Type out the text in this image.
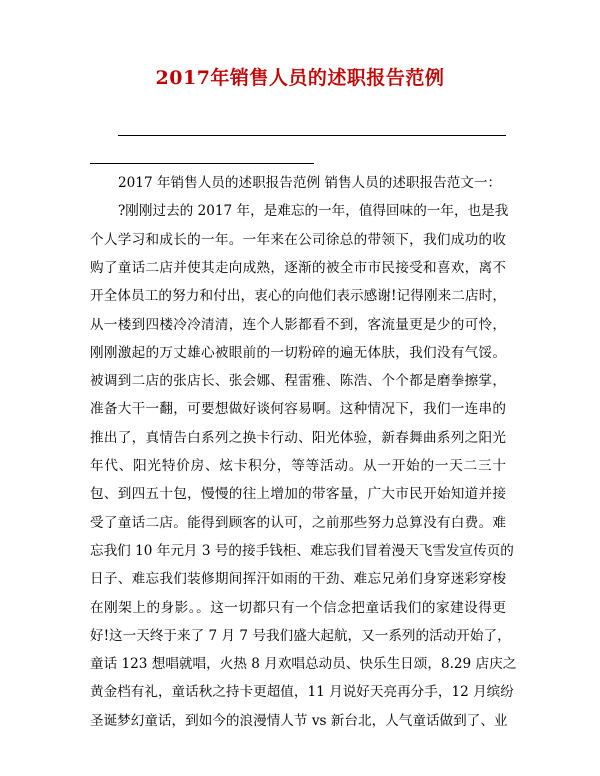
2017年销售人员的述职报告范例
2017 年销售人员的述职报告范例 销售人员的述职报告范文一：
?刚刚过去的 2017 年，是难忘的一年，值得回味的一年，也是我
个人学习和成长的一年。一年来在公司徐总的带领下，我们成功的收
购了童话二店并使其走向成熟，逐渐的被全市市民接受和喜欢，离不
开全体员工的努力和付出，衷心的向他们表示感谢!记得刚来二店时，
从一楼到四楼冷冷清清，连个人影都看不到，客流量更是少的可怜，
刚刚激起的万丈雄心被眼前的一切粉碎的遍无体肤，我们没有气馁。
被调到二店的张店长、张会娜、程雷雅、陈浩、个个都是磨拳擦掌，
准备大干一翻，可要想做好谈何容易啊。这种情况下，我们一连串的
推出了，真情告白系列之换卡行动、阳光体验，新春舞曲系列之阳光
年代、阳光特价房、炫卡积分，等等活动。从一开始的一天二三十
包、到四五十包，慢慢的往上增加的带客量，广大市民开始知道并接
受了童话二店。能得到顾客的认可，之前那些努力总算没有白费。难
忘我们 10 年元月 3 号的接手钱柜、难忘我们冒着漫天飞雪发宣传页的
日子、难忘我们装修期间挥汗如雨的干劲、难忘兄弟们身穿迷彩穿梭
在刚架上的身影。。这一切都只有一个信念把童话我们的家建设得更
好!这一天终于来了 7 月 7 号我们盛大起航，又一系列的活动开始了，
童话 123 想唱就唱，火热 8 月欢唱总动员、快乐生日颂，8.29 店庆之
黄金档有礼，童话秋之持卡更超值，11 月说好天亮再分手，12 月缤纷
圣诞梦幻童话，到如今的浪漫情人节 vs 新台北，人气童话做到了、业
